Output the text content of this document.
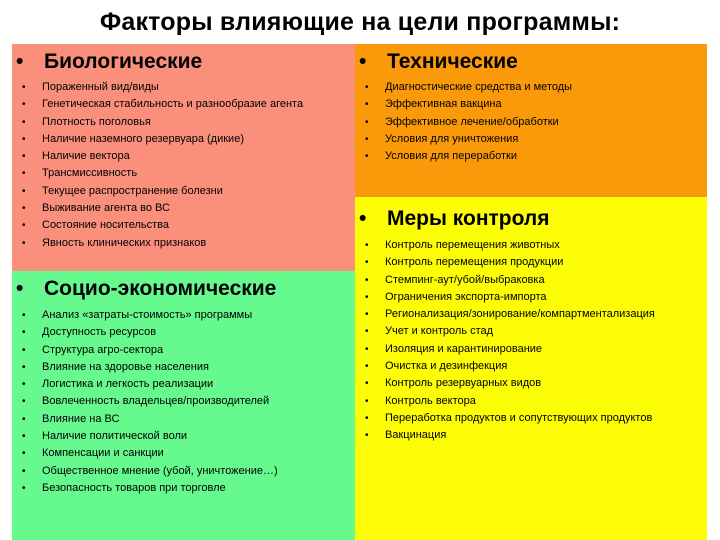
Факторы влияющие на цели программы:
• Биологические
• Пораженный вид/виды
• Генетическая стабильность и разнообразие агента
• Плотность поголовья
• Наличие наземного резервуара (дикие)
• Наличие вектора
• Трансмиссивность
• Текущее распространение болезни
• Выживание агента во ВС
• Состояние носительства
• Явность клинических признаков
• Технические
• Диагностические средства и методы
• Эффективная вакцина
• Эффективное лечение/обработки
• Условия для уничтожения
• Условия для переработки
• Меры контроля
• Контроль перемещения животных
• Контроль перемещения продукции
• Стемпинг-аут/убой/выбраковка
• Ограничения экспорта-импорта
• Регионализация/зонирование/компартментализация
• Учет и контроль стад
• Изоляция и карантинирование
• Очистка и дезинфекция
• Контроль резервуарных видов
• Контроль вектора
• Переработка продуктов и сопутствующих продуктов
• Вакцинация
• Социо-экономические
• Анализ «затраты-стоимость» программы
• Доступность ресурсов
• Структура агро-сектора
• Влияние на здоровье населения
• Логистика и легкость реализации
• Вовлеченность владельцев/производителей
• Влияние на ВС
• Наличие политической воли
• Компенсации и санкции
• Общественное мнение (убой, уничтожение…)
• Безопасность товаров при торговле
